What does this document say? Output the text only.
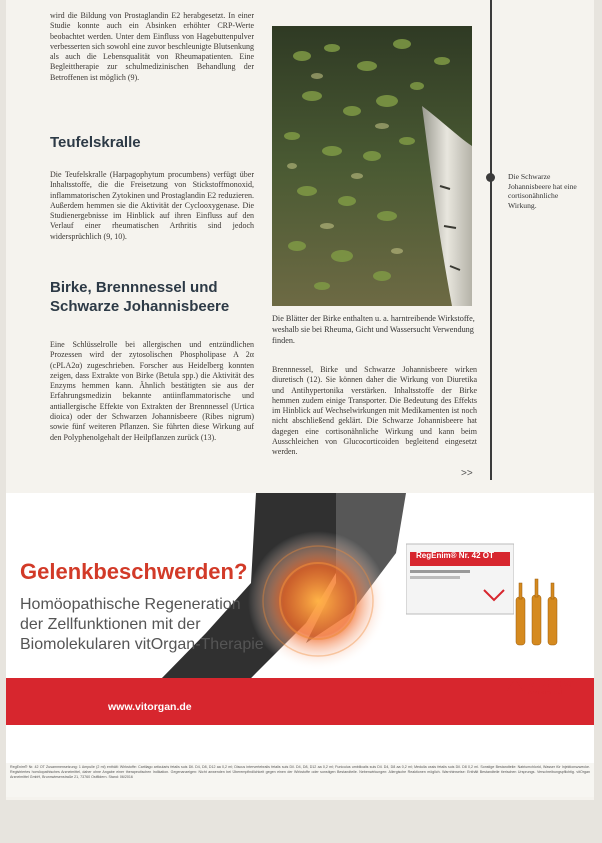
wird die Bildung von Prostaglandin E2 herabgesetzt. In einer Studie konnte auch ein Absinken erhöhter CRP-Werte beobachtet werden. Unter dem Einfluss von Hagebuttenpulver verbesserten sich sowohl eine zuvor beschleunigte Blutsenkung als auch die Lebensqualität von Rheumapatienten. Eine Begleittherapie zur schulmedizinischen Behandlung der Betroffenen ist möglich (9).

Teufelskralle

Die Teufelskralle (Harpagophytum procumbens) verfügt über Inhaltsstoffe, die die Freisetzung von Stickstoffmonoxid, inflammatorischen Zytokinen und Prostaglandin E2 reduzieren. Außerdem hemmen sie die Aktivität der Cyclooxygenase. Die Studienergebnisse im Hinblick auf ihren Einfluss auf den Verlauf einer rheumatischen Arthritis sind jedoch widersprüchlich (9, 10).

Birke, Brennnessel und
Schwarze Johannisbeere

Eine Schlüsselrolle bei allergischen und entzündlichen Prozessen wird der zytosolischen Phospholipase A 2α (cPLA2α) zugeschrieben. Forscher aus Heidelberg konnten zeigen, dass Extrakte von Birke (Betula spp.) die Aktivität des Enzyms hemmen kann. Ähnlich bestätigten sie aus der Erfahrungsmedizin bekannte antiinflammatorische und antiallergische Effekte von Extrakten der Brennnessel (Urtica dioica) oder der Schwarzen Johannisbeere (Ribes nigrum) sowie fünf weiteren Pflanzen. Sie führten diese Wirkung auf den Polyphenolgehalt der Heilpflanzen zurück (13).

Die Blätter der Birke enthalten u. a. harntreibende Wirkstoffe, weshalb sie bei Rheuma, Gicht und Wassersucht Verwendung finden.

Brennnessel, Birke und Schwarze Johannisbeere wirken diuretisch (12). Sie können daher die Wirkung von Diuretika und Antihypertonika verstärken. Inhaltsstoffe der Birke hemmen zudem einige Transporter. Die Bedeutung des Effekts im Hinblick auf Wechselwirkungen mit Medikamenten ist noch nicht abschließend geklärt. Die Schwarze Johannisbeere hat dagegen eine cortisonähnliche Wirkung und kann beim Ausschleichen von Glucocorticoiden begleitend eingesetzt werden.

>>
Die Schwarze Johannisbeere hat eine cortisonähnliche Wirkung.
Gelenkbeschwerden?
Homöopathische Regeneration
der Zellfunktionen mit der
Biomolekularen vitOrgan-Therapie
RegEnim® Nr. 42 OT
www.vitorgan.de
vitOrgan
Arzneimittel
RegEnim® Nr. 42 OT Zusammensetzung: 1 Ampulle (2 ml) enthält: Wirkstoffe: Cartilago articularis fetalis suis Dil. D4, D8, D12 aa 0,2 ml; Discus intervertebralis fetalis suis Dil. D4, D8, D12 aa 0,2 ml; Funiculus umbilicalis suis Dil. D4, D8 aa 0,2 ml; Medulla ossis fetalis suis Dil. D8 0,2 ml. Sonstige Bestandteile: Natriumchlorid, Wasser für Injektionszwecke. Registriertes homöopathisches Arzneimittel, daher ohne Angabe einer therapeutischen Indikation. Gegenanzeigen: Nicht anwenden bei Überempfindlichkeit gegen einen der Wirkstoffe oder sonstigen Bestandteile. Nebenwirkungen: Allergische Reaktionen möglich. Warnhinweise: Enthält Bestandteile tierischen Ursprungs. Verschreibungspflichtig. vitOrgan Arzneimittel GmbH, Brunnwiesenstraße 21, 73760 Ostfildern. Stand: 06/2016
